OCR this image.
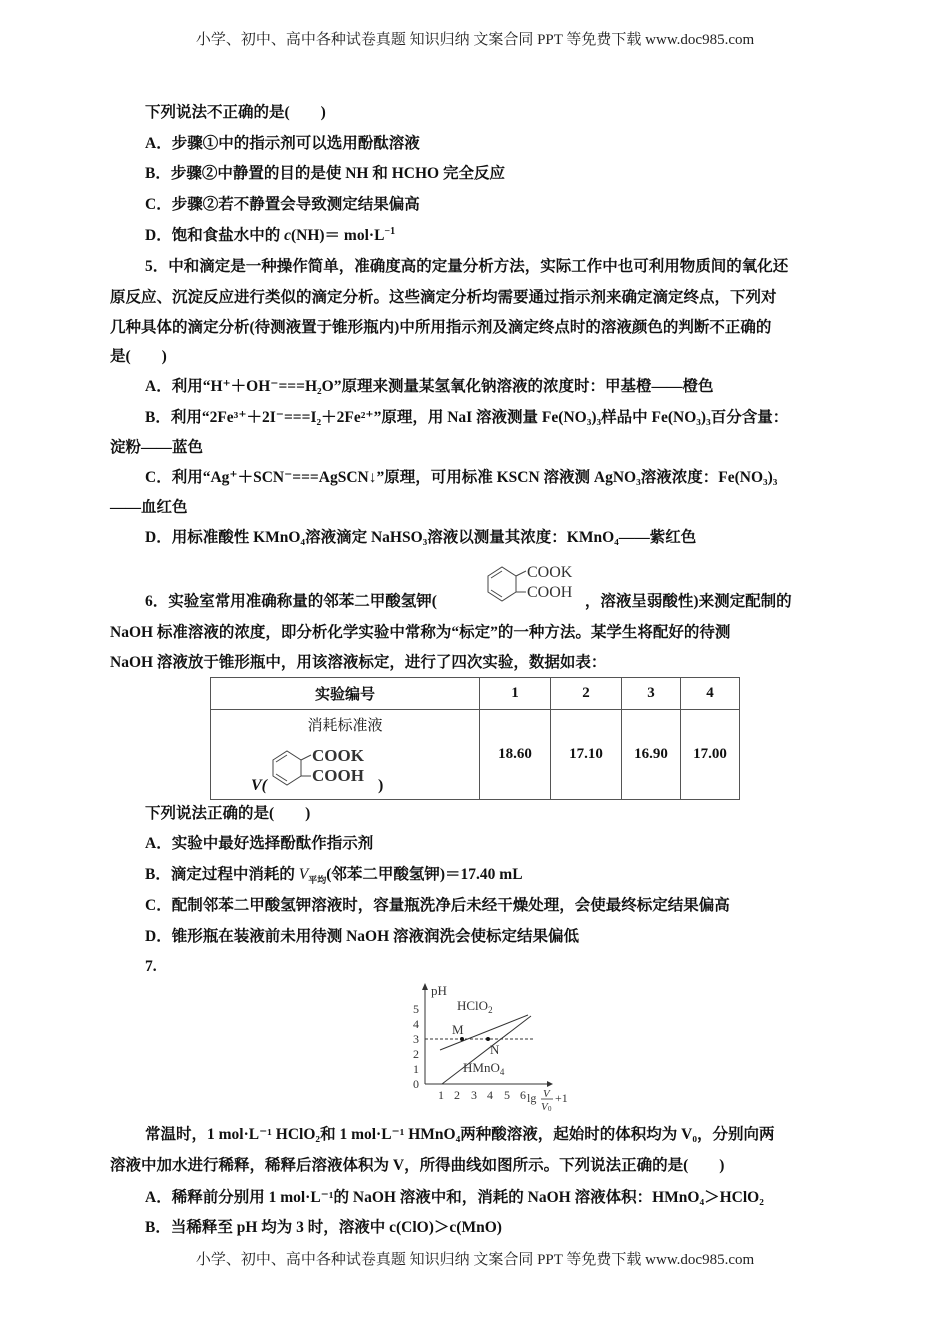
小学、初中、高中各种试卷真题 知识归纳 文案合同 PPT 等免费下载 www.doc985.com
下列说法不正确的是(　　)
A．步骤①中的指示剂可以选用酚酞溶液
B．步骤②中静置的目的是使 NH 和 HCHO 完全反应
C．步骤②若不静置会导致测定结果偏高
D．饱和食盐水中的 $c(NH)= mol\cdot L^{-1}$
5．中和滴定是一种操作简单，准确度高的定量分析方法，实际工作中也可利用物质间的氧化还
原反应、沉淀反应进行类似的滴定分析。这些滴定分析均需要通过指示剂来确定滴定终点，下列对
几种具体的滴定分析(待测液置于锥形瓶内)中所用指示剂及滴定终点时的溶液颜色的判断不正确的
是(　　)
A．利用“H⁺＋OH⁻===H₂O”原理来测量某氢氧化钠溶液的浓度时：甲基橙——橙色
B．利用“2Fe³⁺＋2I⁻===I₂＋2Fe²⁺”原理，用 NaI 溶液测量 Fe(NO₃)₃样品中 Fe(NO₃)₃百分含量：
淀粉——蓝色
C．利用“Ag⁺＋SCN⁻===AgSCN↓”原理，可用标准 KSCN 溶液测 AgNO₃溶液浓度：Fe(NO₃)₃
——血红色
D．用标准酸性 KMnO₄溶液滴定 NaHSO₃溶液以测量其浓度：KMnO₄——紫红色
6．实验室常用准确称量的邻苯二甲酸氢钾(	，溶液呈弱酸性)来测定配制的
COOK
COOH
NaOH 标准溶液的浓度，即分析化学实验中常称为“标定”的一种方法。某学生将配好的待测
NaOH 溶液放于锥形瓶中，用该溶液标定，进行了四次实验，数据如表：
实验编号	1	2	3	4

消耗标准液
V(
COOK
COOH
)	18.60	17.10	16.90	17.00
下列说法正确的是(　　)
A．实验中最好选择酚酞作指示剂
B．滴定过程中消耗的 $V_{平均}$(邻苯二甲酸氢钾)＝17.40 mL
C．配制邻苯二甲酸氢钾溶液时，容量瓶洗净后未经干燥处理，会使最终标定结果偏高
D．锥形瓶在装液前未用待测 NaOH 溶液润洗会使标定结果偏低
7.
pH
0
1
2
3
4
5
1 2 3 4 5 6 lg V
V 0
+1
M
N
HClO$_2$
HMnO$_4$
常温时，1 mol·L⁻¹ HClO₂和 1 mol·L⁻¹ HMnO₄两种酸溶液，起始时的体积均为 V₀，分别向两
溶液中加水进行稀释，稀释后溶液体积为 V，所得曲线如图所示。下列说法正确的是(　　)
A．稀释前分别用 1 mol·L⁻¹的 NaOH 溶液中和，消耗的 NaOH 溶液体积：HMnO₄＞HClO₂
B．当稀释至 pH 均为 3 时，溶液中 c(ClO)＞c(MnO)
小学、初中、高中各种试卷真题 知识归纳 文案合同 PPT 等免费下载 www.doc985.com
